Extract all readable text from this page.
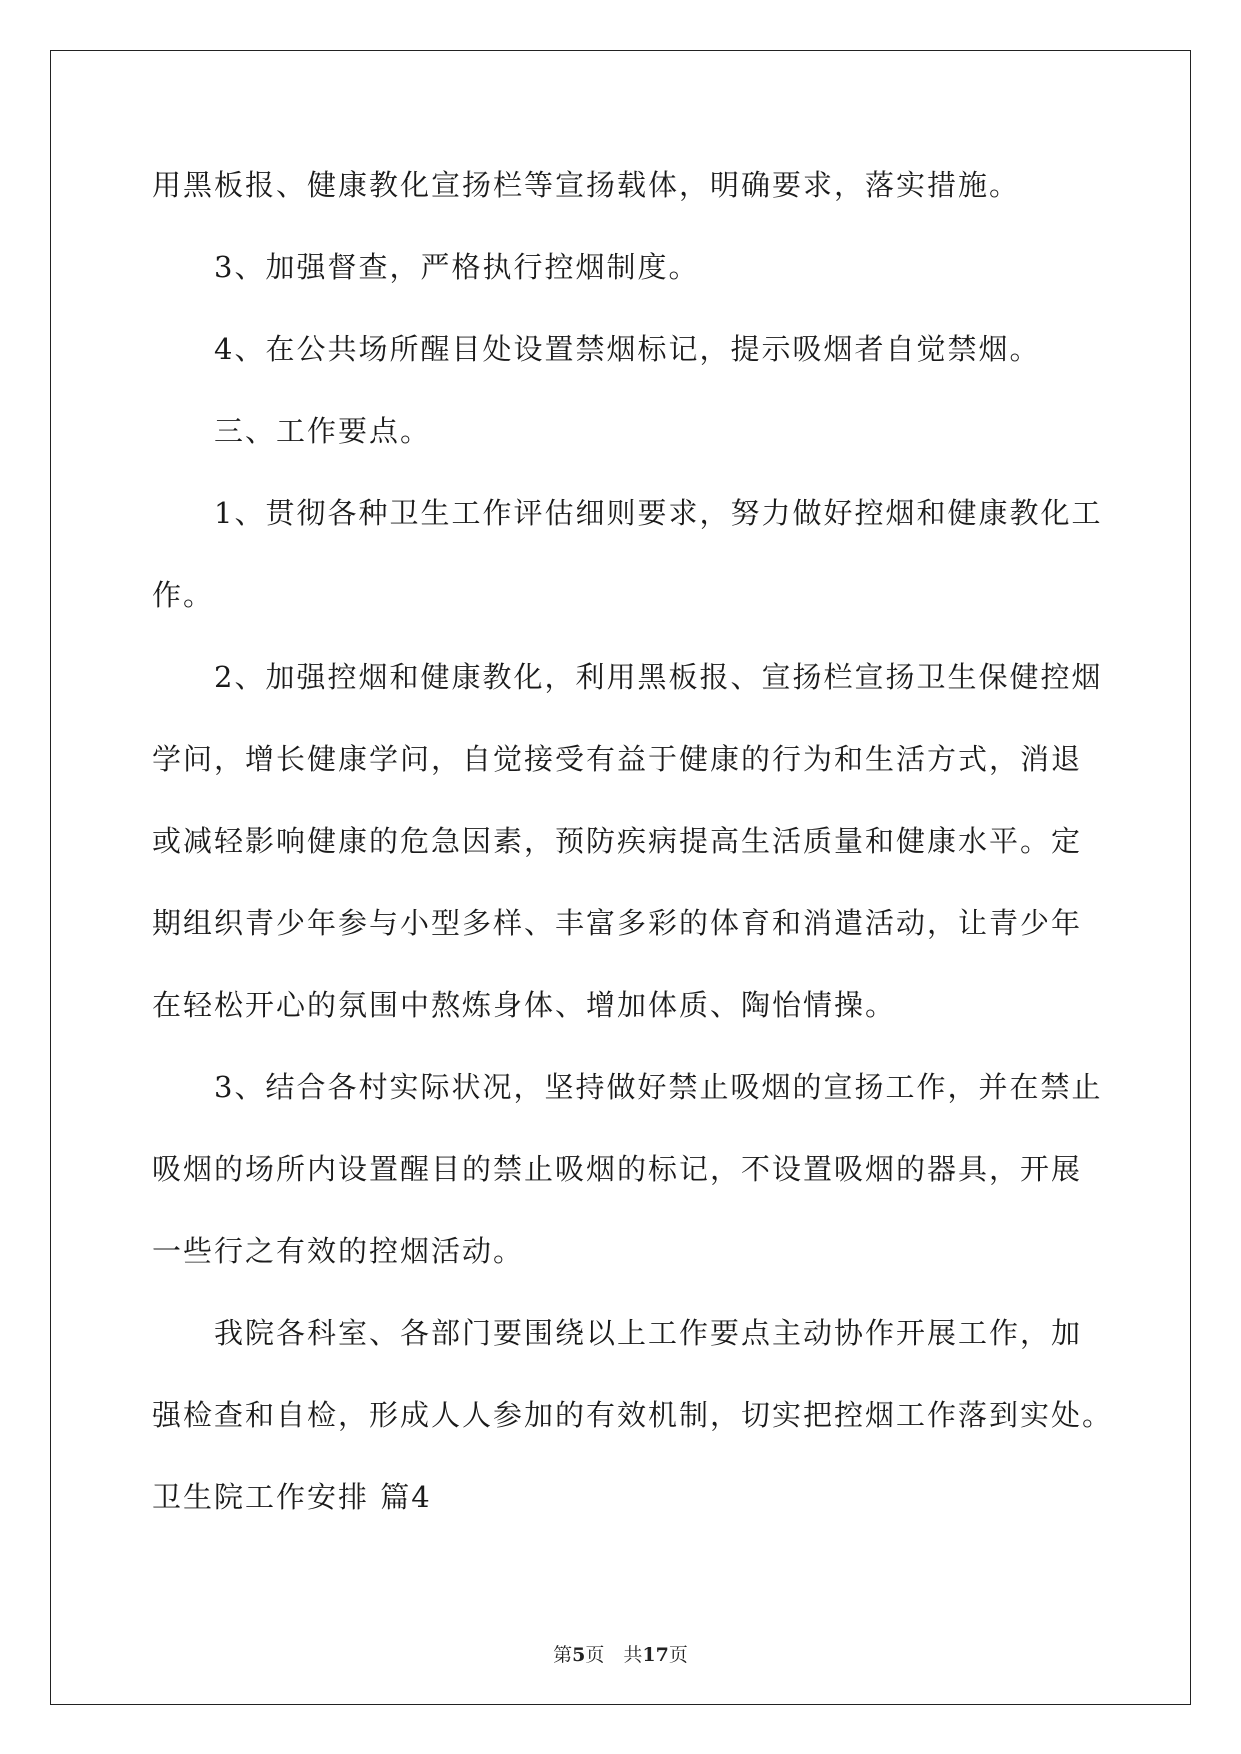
用黑板报、健康教化宣扬栏等宣扬载体，明确要求，落实措施。
　　3、加强督查，严格执行控烟制度。
　　4、在公共场所醒目处设置禁烟标记，提示吸烟者自觉禁烟。
　　三、工作要点。
　　1、贯彻各种卫生工作评估细则要求，努力做好控烟和健康教化工
作。
　　2、加强控烟和健康教化，利用黑板报、宣扬栏宣扬卫生保健控烟
学问，增长健康学问，自觉接受有益于健康的行为和生活方式，消退
或减轻影响健康的危急因素，预防疾病提高生活质量和健康水平。定
期组织青少年参与小型多样、丰富多彩的体育和消遣活动，让青少年
在轻松开心的氛围中熬炼身体、增加体质、陶怡情操。
　　3、结合各村实际状况，坚持做好禁止吸烟的宣扬工作，并在禁止
吸烟的场所内设置醒目的禁止吸烟的标记，不设置吸烟的器具，开展
一些行之有效的控烟活动。
　　我院各科室、各部门要围绕以上工作要点主动协作开展工作，加
强检查和自检，形成人人参加的有效机制，切实把控烟工作落到实处。
卫生院工作安排 篇4
第5页　共17页
